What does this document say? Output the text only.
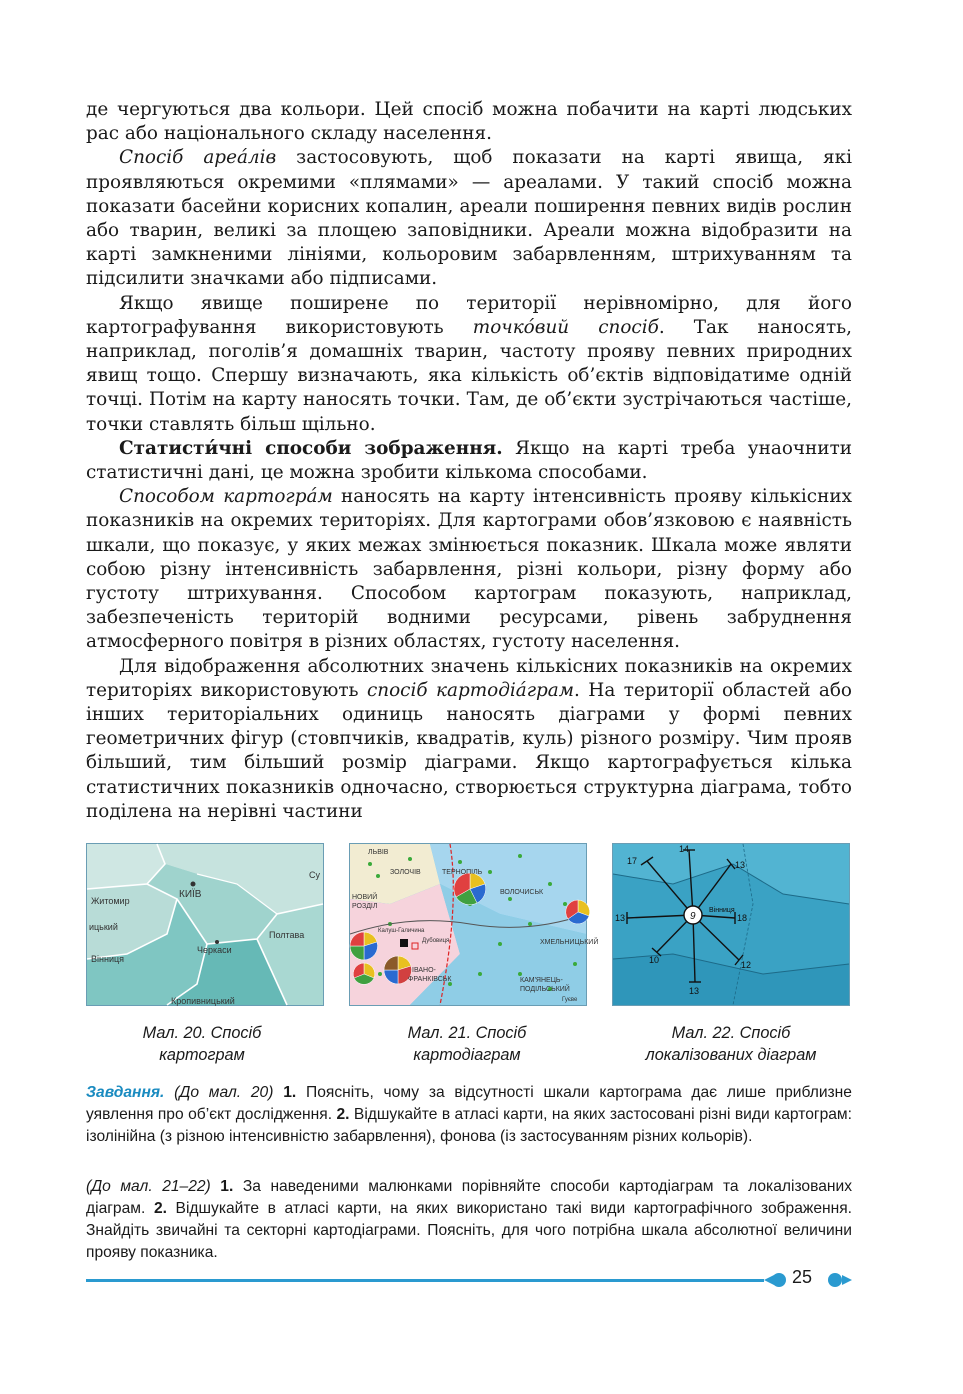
де чергуються два кольори. Цей спосіб можна побачити на карті людських рас або національного складу населення.

Спосіб ареа́лів застосовують, щоб показати на карті явища, які проявляються окремими «плямами» — ареалами. У такий спосіб можна показати басейни корисних копалин, ареали поширення певних видів рослин або тварин, великі за площею заповідники. Ареали можна відобразити на карті замкненими лініями, кольоровим забарвленням, штрихуванням та підсилити значками або підписами.

Якщо явище поширене по території нерівномірно, для його картографування використовують точко́вий спосіб. Так наносять, наприклад, поголів’я домашніх тварин, частоту прояву певних природних явищ тощо. Спершу визначають, яка кількість об’єктів відповідатиме одній точці. Потім на карту наносять точки. Там, де об’єкти зустрічаються частіше, точки ставлять більш щільно.

Статисти́чні способи зображення. Якщо на карті треба унаочнити статистичні дані, це можна зробити кількома способами.

Способом картогра́м наносять на карту інтенсивність прояву кількісних показників на окремих територіях. Для картограми обов’язковою є наявність шкали, що показує, у яких межах змінюється показник. Шкала може являти собою різну інтенсивність забарвлення, різні кольори, різну форму або густоту штрихування. Способом картограм показують, наприклад, забезпеченість територій водними ресурсами, рівень забруднення атмосферного повітря в різних областях, густоту населення.

Для відображення абсолютних значень кількісних показників на окремих територіях використовують спосіб картодіа́грам. На території областей або інших територіальних одиниць наносять діаграми у формі певних геометричних фігур (стовпчиків, квадратів, куль) різного розміру. Чим прояв більший, тим більший розмір діаграми. Якщо картографується кілька статистичних показників одночасно, створюється структурна діаграма, тобто поділена на нерівні частини

КИЇВ
Житомир
ицький
Полтава
Черкаси
Вінниця
Кропивницький
Су
ЛЬВІВ
ЗОЛОЧІВ	ТЕРНОПІЛЬ
ВОЛОЧИСЬК
НОВИЙ
РОЗДІЛ
Калуш-Галичина
Дубовиця	ХМЕЛЬНИЦЬКИЙ
ІВАНО-
ФРАНКІВСЬК	КАМ'ЯНЕЦЬ-
ПОДІЛЬСЬКИЙ
Гуєве
9
14
17	13
13	18
Вінниця
10	12
13
Мал. 20. Спосіб
картограм
Мал. 21. Спосіб
картодіаграм
Мал. 22. Спосіб
локалізованих діаграм
Завдання. (До мал. 20) 1. Поясніть, чому за відсутності шкали картограма дає лише приблизне уявлення про об’єкт дослідження. 2. Відшукайте в атласі карти, на яких застосовані різні види картограм: ізолінійна (з різною інтенсивністю забарвлення), фонова (із застосуванням різних кольорів).
(До мал. 21–22) 1. За наведеними малюнками порівняйте способи картодіаграм та локалізованих діаграм. 2. Відшукайте в атласі карти, на яких використано такі види картографічного зображення. Знайдіть звичайні та секторні картодіаграми. Поясніть, для чого потрібна шкала абсолютної величини прояву показника.
25
